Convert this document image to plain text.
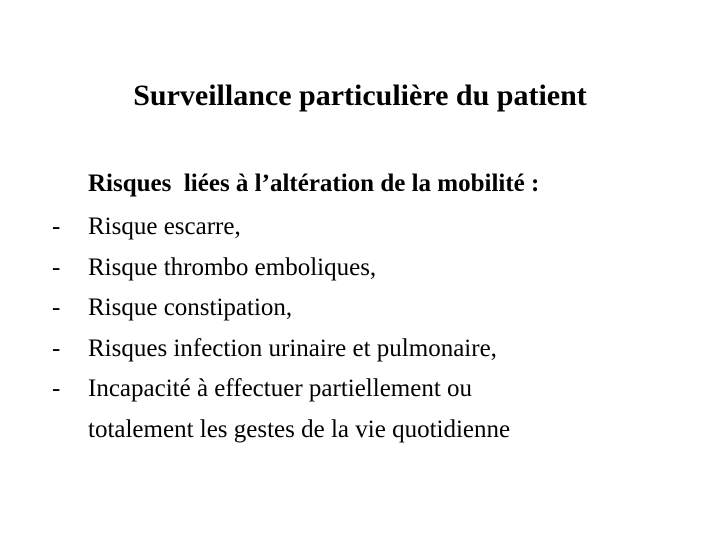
Surveillance particulière du patient

Risques  liées à l’altération de la mobilité :

- Risque escarre,
- Risque thrombo emboliques,
- Risque constipation,
- Risques infection urinaire et pulmonaire,
- Incapacité à effectuer partiellement ou
totalement les gestes de la vie quotidienne
